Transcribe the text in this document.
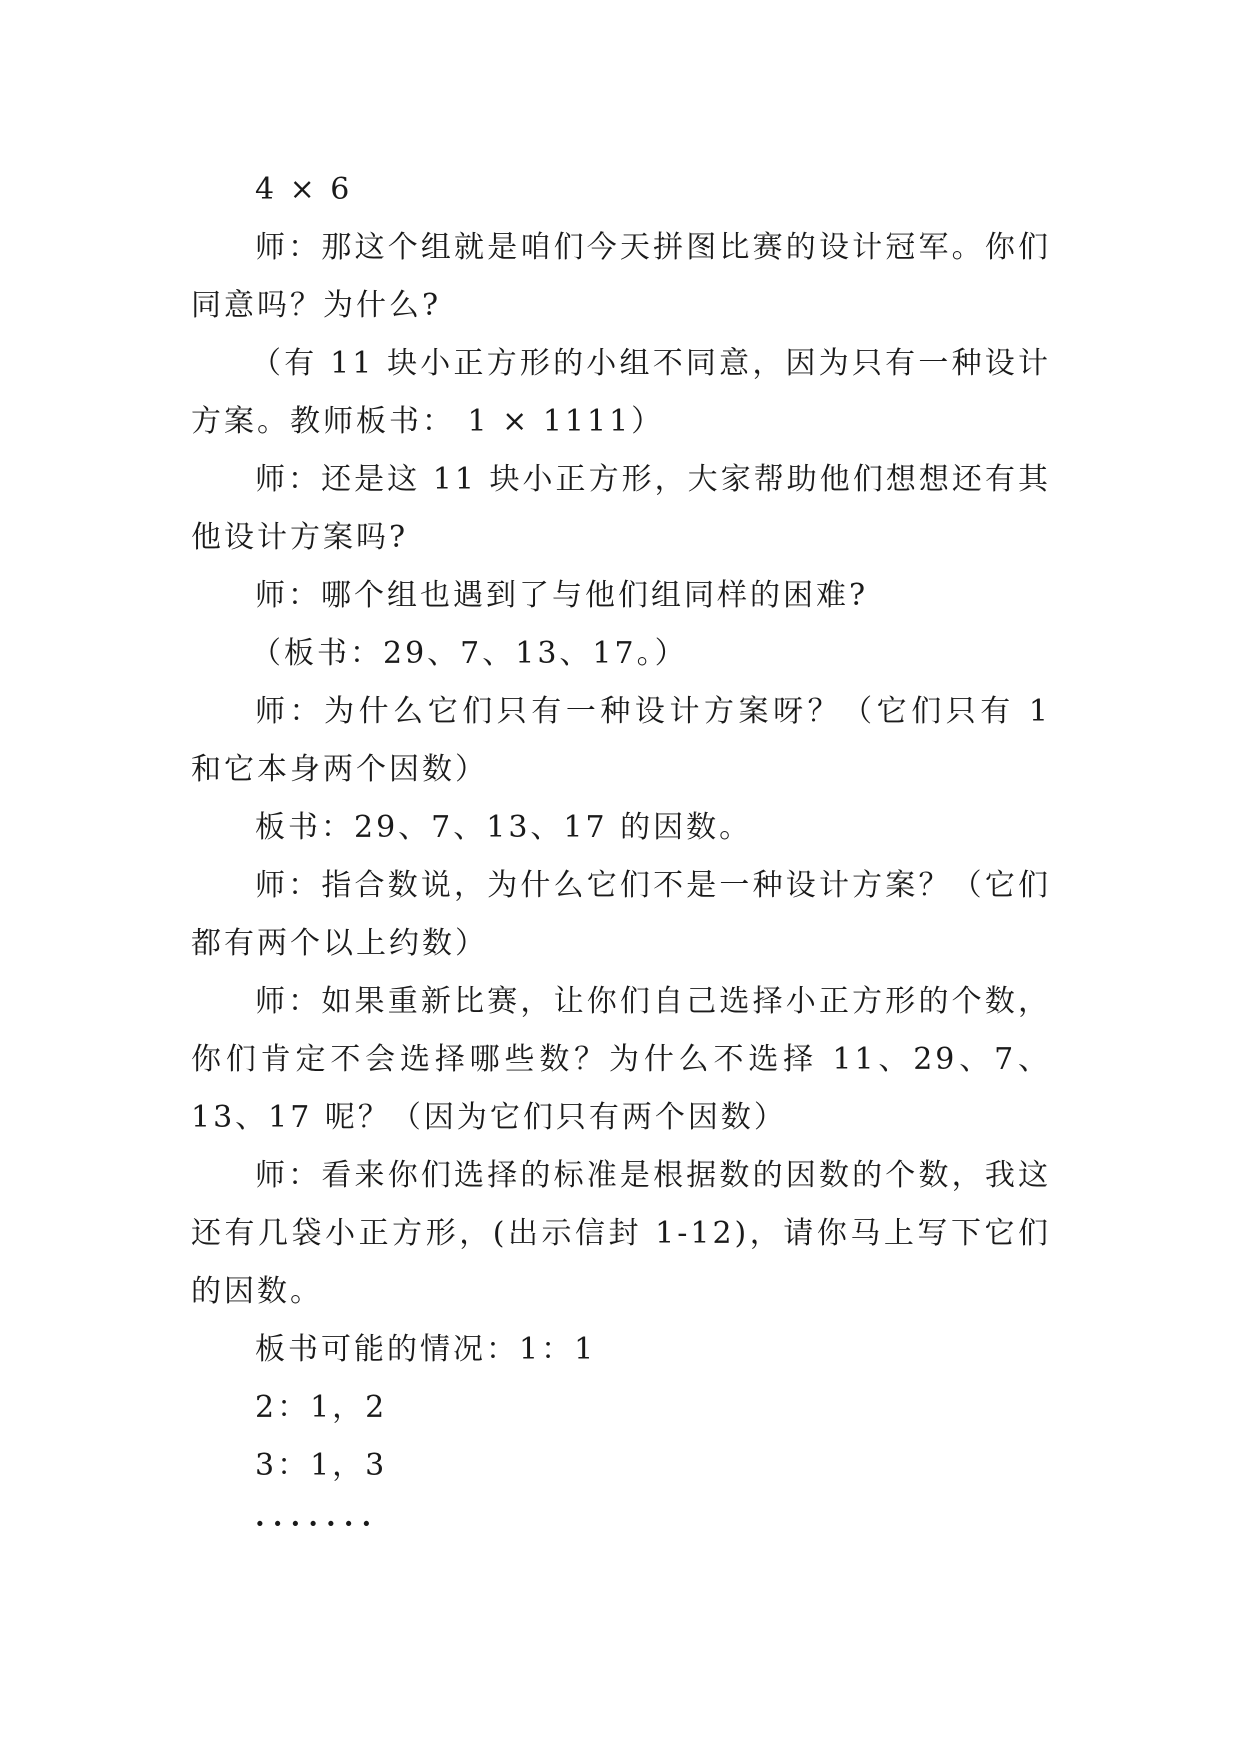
4 × 6

师：那这个组就是咱们今天拼图比赛的设计冠军。你们同意吗？为什么?

（有 11 块小正方形的小组不同意，因为只有一种设计方案。教师板书： 1 × 1111）

师：还是这 11 块小正方形，大家帮助他们想想还有其他设计方案吗?

师：哪个组也遇到了与他们组同样的困难?

（板书：29、7、13、17。）

师：为什么它们只有一种设计方案呀？（它们只有 1 和它本身两个因数）

板书：29、7、13、17 的因数。

师：指合数说，为什么它们不是一种设计方案？（它们都有两个以上约数）

师：如果重新比赛，让你们自己选择小正方形的个数，你们肯定不会选择哪些数？为什么不选择 11、29、7、13、17 呢？（因为它们只有两个因数）

师：看来你们选择的标准是根据数的因数的个数，我这还有几袋小正方形，(出示信封 1-12)，请你马上写下它们的因数。

板书可能的情况：1：1

2：1，2

3：1，3

·······
